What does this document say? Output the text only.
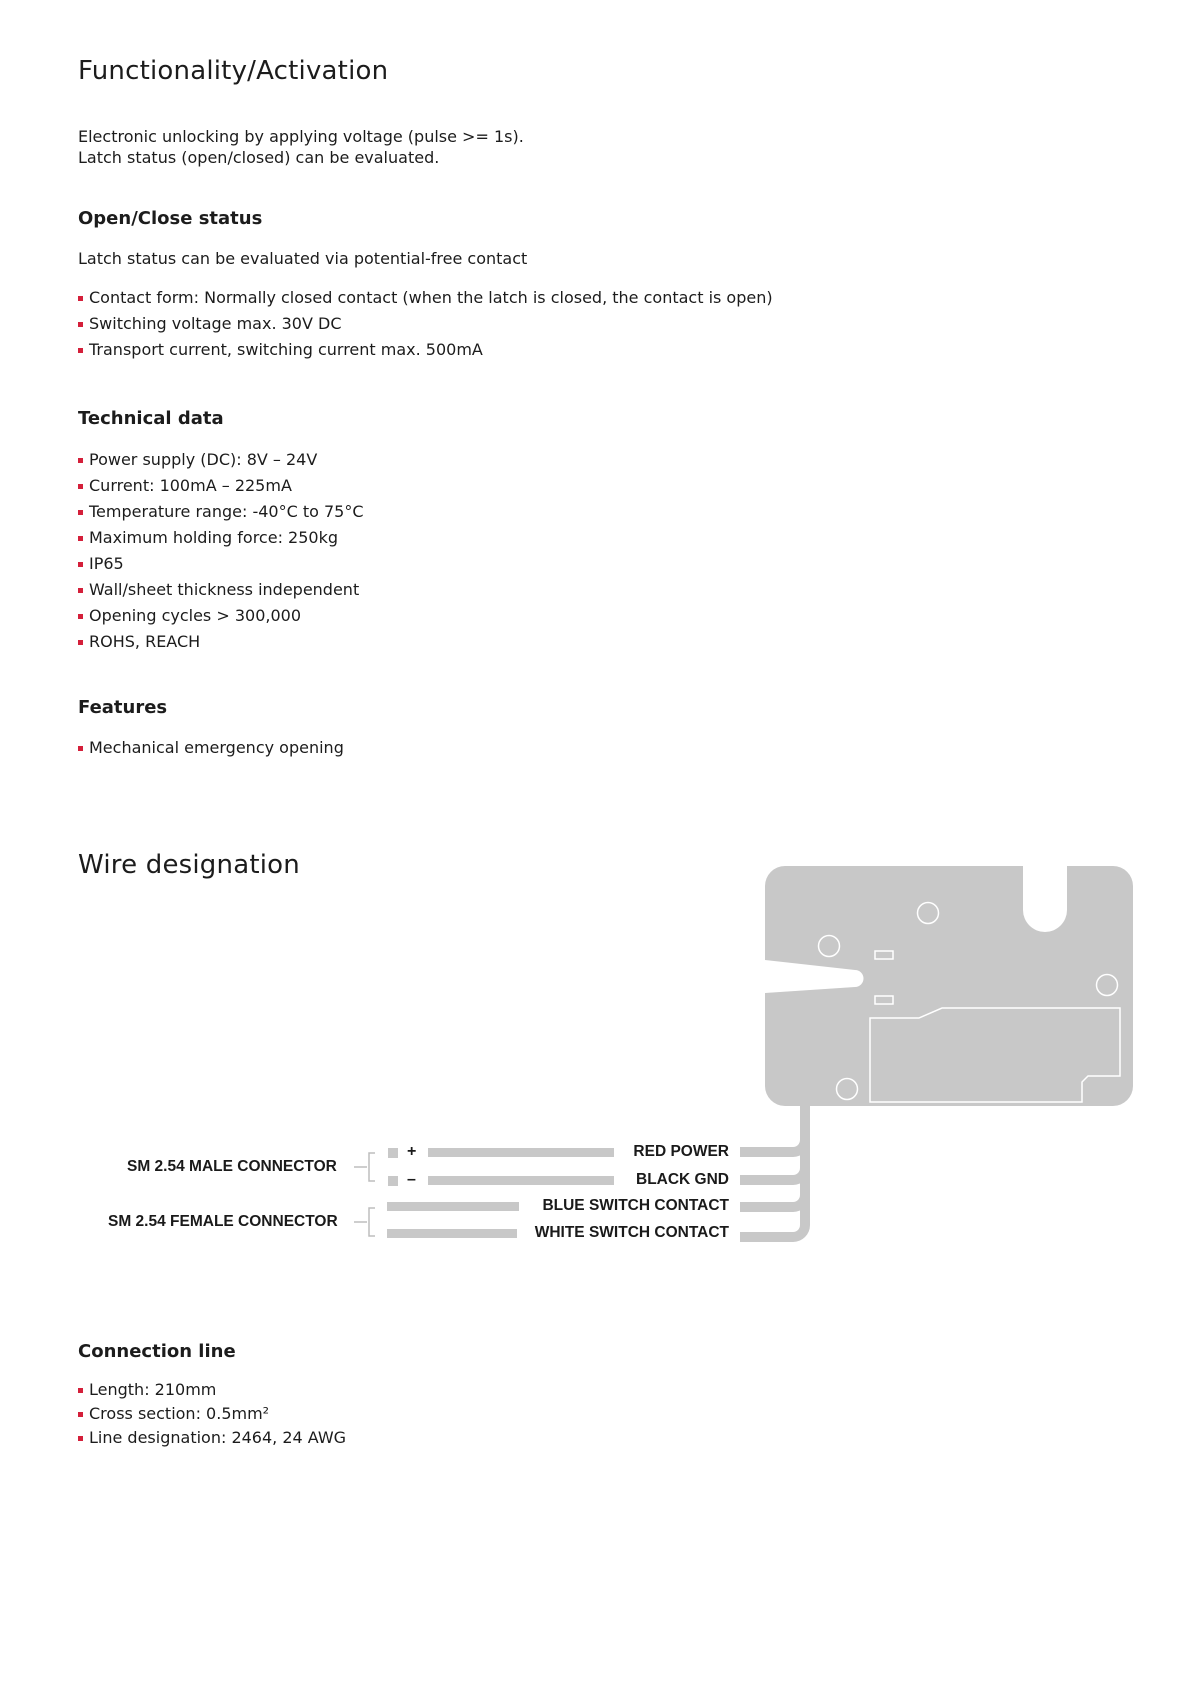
Functionality/Activation
Electronic unlocking by applying voltage (pulse >= 1s).
Latch status (open/closed) can be evaluated.
Open/Close status
Latch status can be evaluated via potential-free contact
Contact form: Normally closed contact (when the latch is closed, the contact is open)
Switching voltage max. 30V DC
Transport current, switching current max. 500mA
Technical data
Power supply (DC): 8V – 24V
Current: 100mA – 225mA
Temperature range: -40°C to 75°C
Maximum holding force: 250kg
IP65
Wall/sheet thickness independent
Opening cycles > 300,000
ROHS, REACH
Features
Mechanical emergency opening
Wire designation
SM 2.54 MALE CONNECTOR
SM 2.54 FEMALE CONNECTOR
+
–
RED POWER
BLACK GND
BLUE SWITCH CONTACT
WHITE SWITCH CONTACT
Connection line
Length: 210mm
Cross section: 0.5mm²
Line designation: 2464, 24 AWG
